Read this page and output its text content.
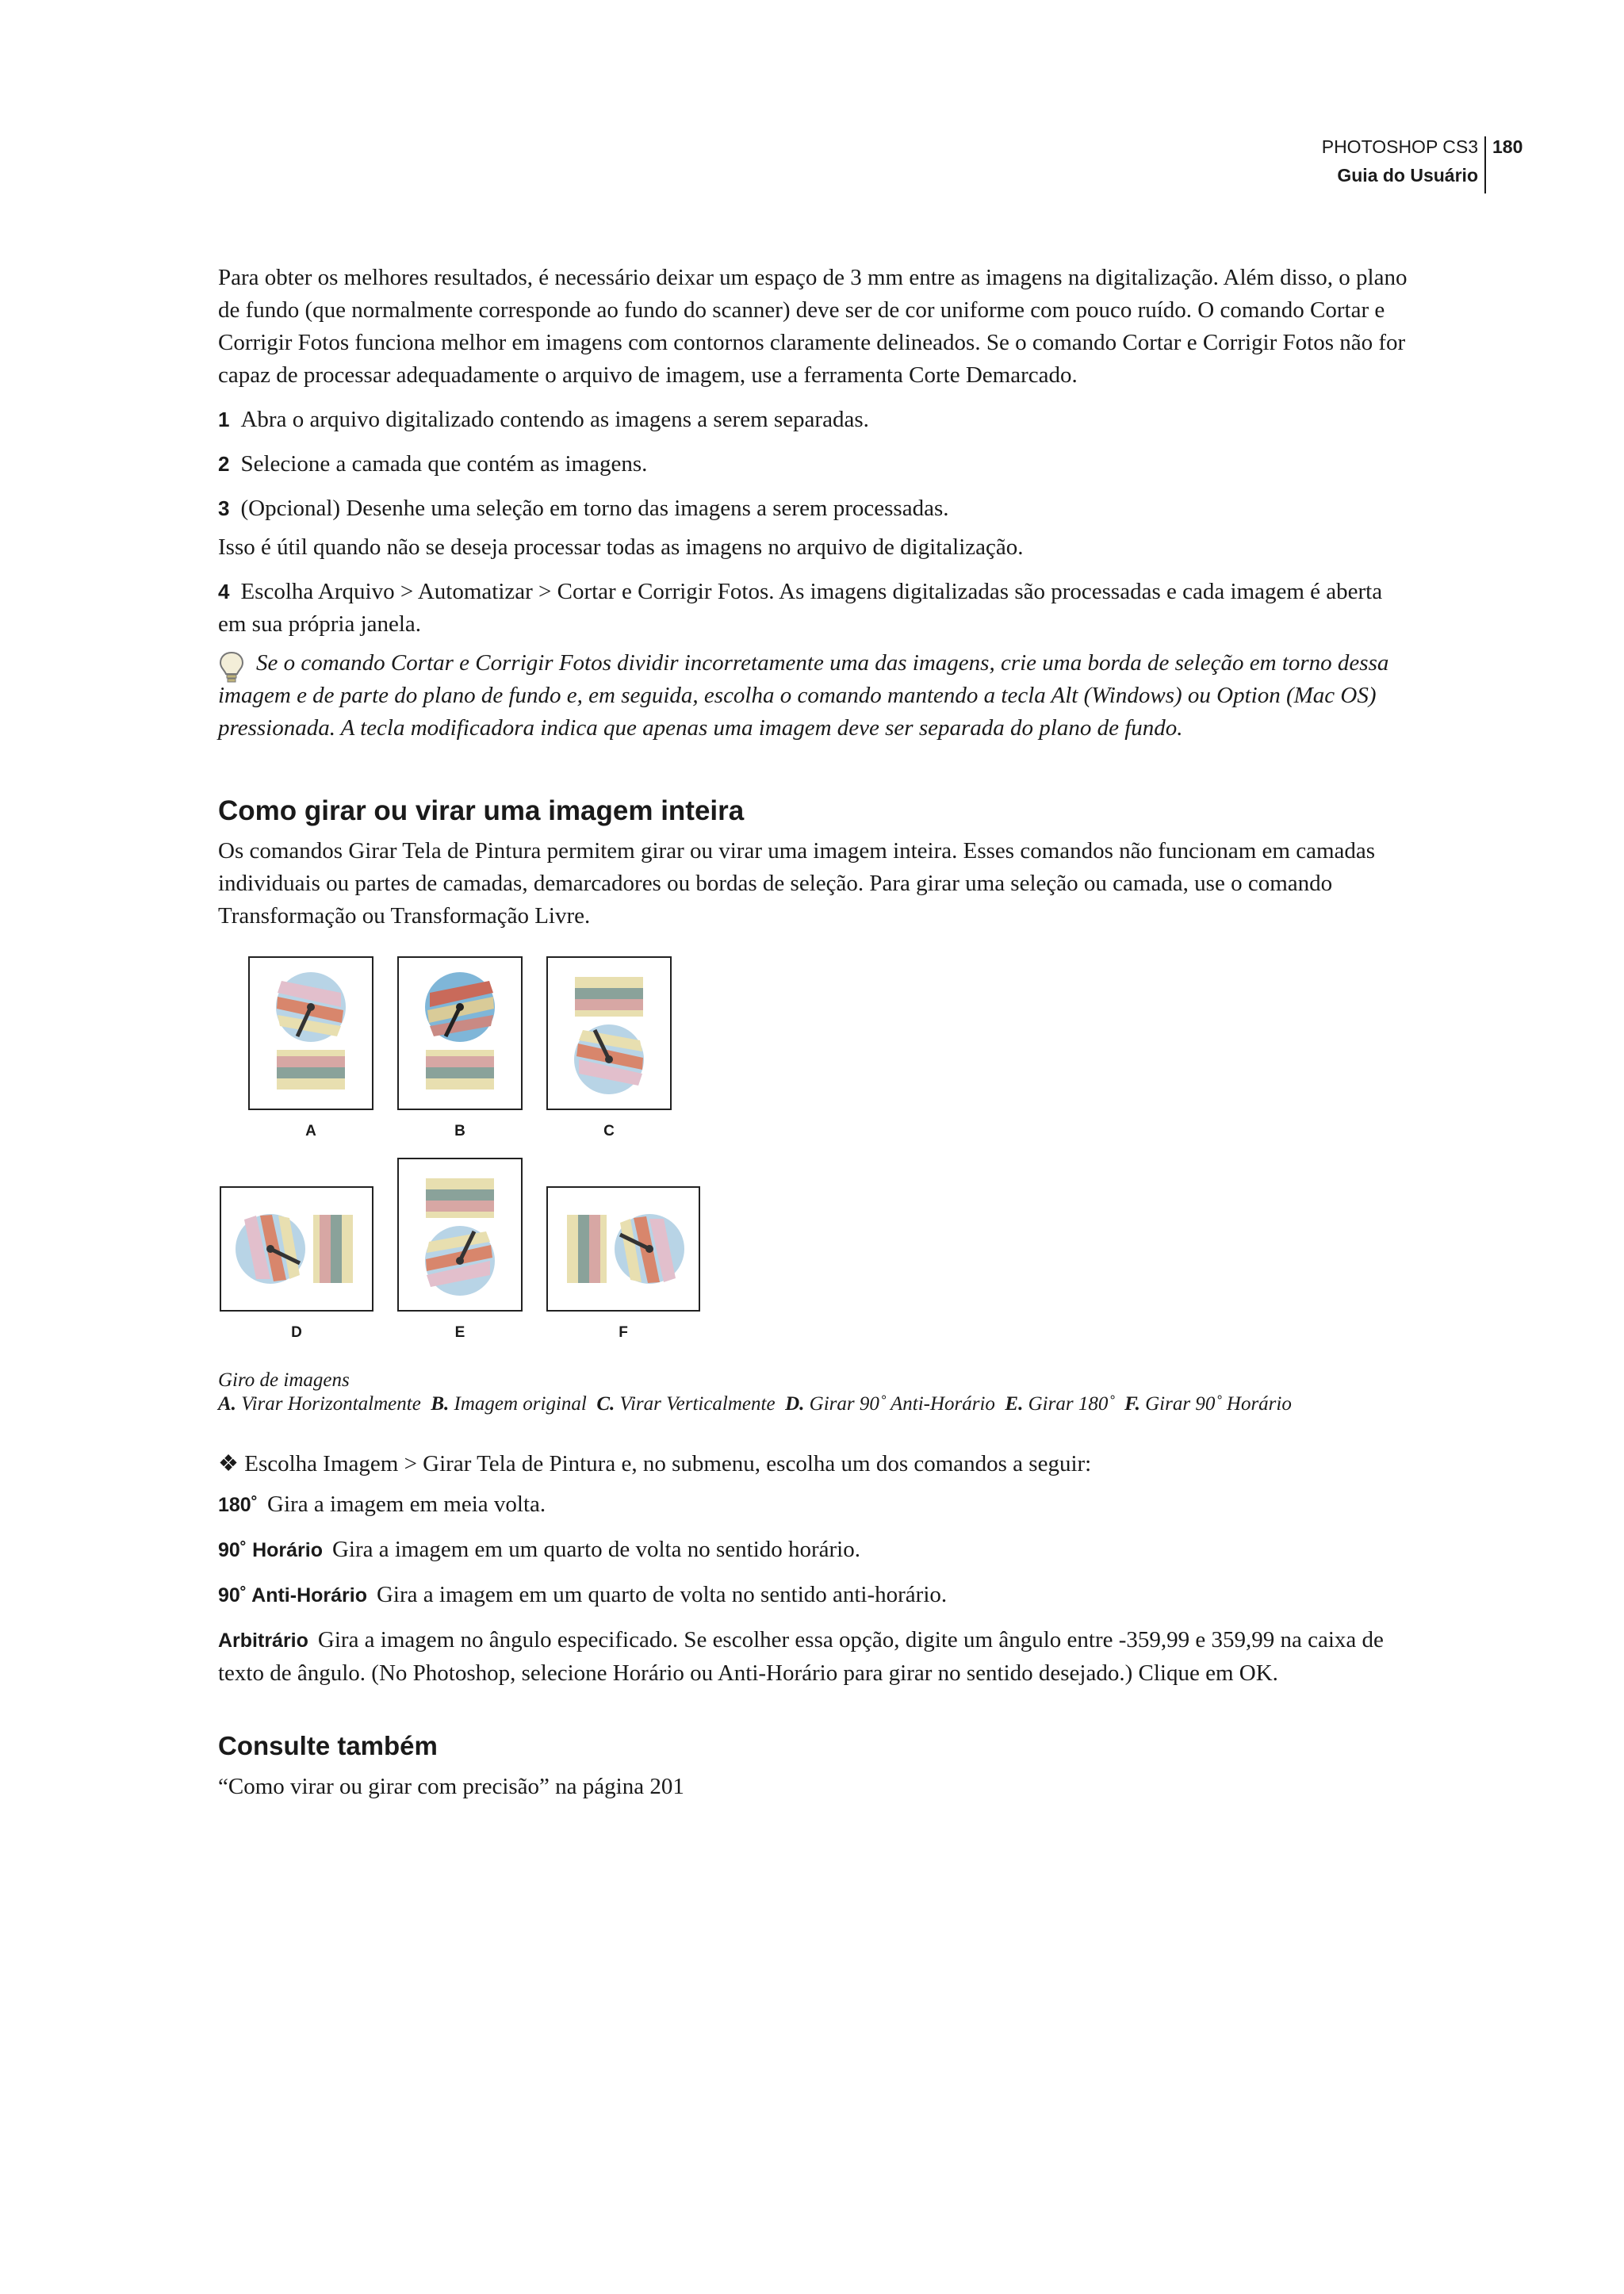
PHOTOSHOP CS3
Guia do Usuário
180

Para obter os melhores resultados, é necessário deixar um espaço de 3 mm entre as imagens na digitalização. Além disso, o plano de fundo (que normalmente corresponde ao fundo do scanner) deve ser de cor uniforme com pouco ruído. O comando Cortar e Corrigir Fotos funciona melhor em imagens com contornos claramente delineados. Se o comando Cortar e Corrigir Fotos não for capaz de processar adequadamente o arquivo de imagem, use a ferramenta Corte Demarcado.

1 Abra o arquivo digitalizado contendo as imagens a serem separadas.

2 Selecione a camada que contém as imagens.

3 (Opcional) Desenhe uma seleção em torno das imagens a serem processadas.

Isso é útil quando não se deseja processar todas as imagens no arquivo de digitalização.

4 Escolha Arquivo > Automatizar > Cortar e Corrigir Fotos. As imagens digitalizadas são processadas e cada imagem é aberta em sua própria janela.

Se o comando Cortar e Corrigir Fotos dividir incorretamente uma das imagens, crie uma borda de seleção em torno dessa imagem e de parte do plano de fundo e, em seguida, escolha o comando mantendo a tecla Alt (Windows) ou Option (Mac OS) pressionada. A tecla modificadora indica que apenas uma imagem deve ser separada do plano de fundo.

Como girar ou virar uma imagem inteira

Os comandos Girar Tela de Pintura permitem girar ou virar uma imagem inteira. Esses comandos não funcionam em camadas individuais ou partes de camadas, demarcadores ou bordas de seleção. Para girar uma seleção ou camada, use o comando Transformação ou Transformação Livre.

A	B	C
D	E	F

Giro de imagens

A. Virar Horizontalmente B. Imagem original C. Virar Verticalmente D. Girar 90˚ Anti-Horário E. Girar 180˚ F. Girar 90˚ Horário

❖ Escolha Imagem > Girar Tela de Pintura e, no submenu, escolha um dos comandos a seguir:

180˚ Gira a imagem em meia volta.

90˚ Horário Gira a imagem em um quarto de volta no sentido horário.

90˚ Anti-Horário Gira a imagem em um quarto de volta no sentido anti-horário.

Arbitrário Gira a imagem no ângulo especificado. Se escolher essa opção, digite um ângulo entre -359,99 e 359,99 na caixa de texto de ângulo. (No Photoshop, selecione Horário ou Anti-Horário para girar no sentido desejado.) Clique em OK.

Consulte também

“Como virar ou girar com precisão” na página 201
